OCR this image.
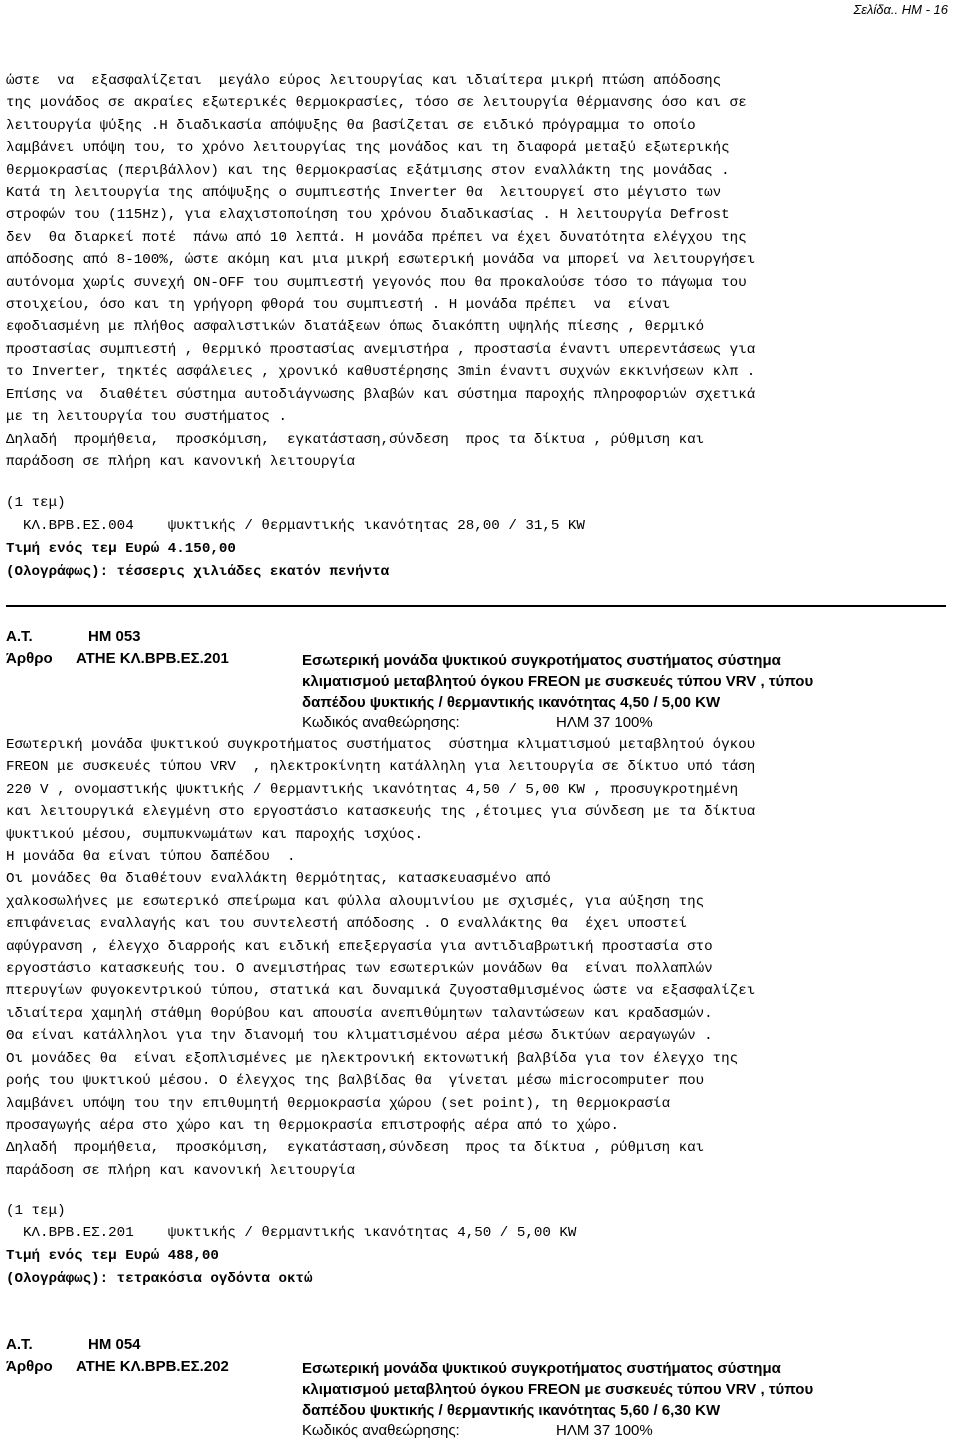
Σελίδα.. ΗΜ - 16
ώστε  να  εξασφαλίζεται  μεγάλο εύρος λειτουργίας και ιδιαίτερα μικρή πτώση απόδοσης
της μονάδος σε ακραίες εξωτερικές θερμοκρασίες, τόσο σε λειτουργία θέρμανσης όσο και σε
λειτουργία ψύξης .Η διαδικασία απόψυξης θα βασίζεται σε ειδικό πρόγραμμα το οποίο
λαμβάνει υπόψη του, το χρόνο λειτουργίας της μονάδος και τη διαφορά μεταξύ εξωτερικής
θερμοκρασίας (περιβάλλον) και της θερμοκρασίας εξάτμισης στον εναλλάκτη της μονάδας .
Κατά τη λειτουργία της απόψυξης ο συμπιεστής Inverter θα  λειτουργεί στο μέγιστο των
στροφών του (115Hz), για ελαχιστοποίηση του χρόνου διαδικασίας . Η λειτουργία Defrost
δεν  θα διαρκεί ποτέ  πάνω από 10 λεπτά. Η μονάδα πρέπει να έχει δυνατότητα ελέγχου της
απόδοσης από 8-100%, ώστε ακόμη και μια μικρή εσωτερική μονάδα να μπορεί να λειτουργήσει
αυτόνομα χωρίς συνεχή ON-OFF του συμπιεστή γεγονός που θα προκαλούσε τόσο το πάγωμα του
στοιχείου, όσο και τη γρήγορη φθορά του συμπιεστή . Η μονάδα πρέπει  να  είναι
εφοδιασμένη με πλήθος ασφαλιστικών διατάξεων όπως διακόπτη υψηλής πίεσης , θερμικό
προστασίας συμπιεστή , θερμικό προστασίας ανεμιστήρα , προστασία έναντι υπερεντάσεως για
το Inverter, τηκτές ασφάλειες , χρονικό καθυστέρησης 3min έναντι συχνών εκκινήσεων κλπ .
Επίσης να  διαθέτει σύστημα αυτοδιάγνωσης βλαβών και σύστημα παροχής πληροφοριών σχετικά
με τη λειτουργία του συστήματος .
Δηλαδή  προμήθεια,  προσκόμιση,  εγκατάσταση,σύνδεση  προς τα δίκτυα , ρύθμιση και
παράδοση σε πλήρη και κανονική λειτουργία
(1 τεμ)
ΚΛ.ΒΡΒ.ΕΣ.004    ψυκτικής / θερμαντικής ικανότητας 28,00 / 31,5 KW
Τιμή ενός τεμ Ευρώ 4.150,00
(Ολογράφως): τέσσερις χιλιάδες εκατόν πενήντα
Α.Τ.	ΗΜ 053
Άρθρο ΑΤΗΕ ΚΛ.ΒΡΒ.ΕΣ.201	Εσωτερική μονάδα ψυκτικού συγκροτήματος συστήματος σύστημα
κλιματισμού μεταβλητού όγκου FREON με συσκευές τύπου VRV , τύπου
δαπέδου ψυκτικής / θερμαντικής ικανότητας 4,50 / 5,00 KW
Κωδικός αναθεώρησης:	ΗΛΜ 37 100%
Εσωτερική μονάδα ψυκτικού συγκροτήματος συστήματος  σύστημα κλιματισμού μεταβλητού όγκου
FREON με συσκευές τύπου VRV  , ηλεκτροκίνητη κατάλληλη για λειτουργία σε δίκτυο υπό τάση
220 V , ονομαστικής ψυκτικής / θερμαντικής ικανότητας 4,50 / 5,00 KW , προσυγκροτημένη
και λειτουργικά ελεγμένη στο εργοστάσιο κατασκευής της ,έτοιμες για σύνδεση με τα δίκτυα
ψυκτικού μέσου, συμπυκνωμάτων και παροχής ισχύος.
Η μονάδα θα είναι τύπου δαπέδου  .
Οι μονάδες θα διαθέτουν εναλλάκτη θερμότητας, κατασκευασμένο από
χαλκοσωλήνες με εσωτερικό σπείρωμα και φύλλα αλουμινίου με σχισμές, για αύξηση της
επιφάνειας εναλλαγής και του συντελεστή απόδοσης . Ο εναλλάκτης θα  έχει υποστεί
αφύγρανση , έλεγχο διαρροής και ειδική επεξεργασία για αντιδιαβρωτική προστασία στο
εργοστάσιο κατασκευής του. Ο ανεμιστήρας των εσωτερικών μονάδων θα  είναι πολλαπλών
πτερυγίων φυγοκεντρικού τύπου, στατικά και δυναμικά ζυγοσταθμισμένος ώστε να εξασφαλίζει
ιδιαίτερα χαμηλή στάθμη θορύβου και απουσία ανεπιθύμητων ταλαντώσεων και κραδασμών.
Θα είναι κατάλληλοι για την διανομή του κλιματισμένου αέρα μέσω δικτύων αεραγωγών .
Οι μονάδες θα  είναι εξοπλισμένες με ηλεκτρονική εκτονωτική βαλβίδα για τον έλεγχο της
ροής του ψυκτικού μέσου. Ο έλεγχος της βαλβίδας θα  γίνεται μέσω microcomputer που
λαμβάνει υπόψη του την επιθυμητή θερμοκρασία χώρου (set point), τη θερμοκρασία
προσαγωγής αέρα στο χώρο και τη θερμοκρασία επιστροφής αέρα από το χώρο.
Δηλαδή  προμήθεια,  προσκόμιση,  εγκατάσταση,σύνδεση  προς τα δίκτυα , ρύθμιση και
παράδοση σε πλήρη και κανονική λειτουργία
(1 τεμ)
ΚΛ.ΒΡΒ.ΕΣ.201    ψυκτικής / θερμαντικής ικανότητας 4,50 / 5,00 KW
Τιμή ενός τεμ Ευρώ 488,00
(Ολογράφως): τετρακόσια ογδόντα οκτώ
Α.Τ.	ΗΜ 054
Άρθρο ΑΤΗΕ ΚΛ.ΒΡΒ.ΕΣ.202	Εσωτερική μονάδα ψυκτικού συγκροτήματος συστήματος σύστημα
κλιματισμού μεταβλητού όγκου FREON με συσκευές τύπου VRV , τύπου
δαπέδου ψυκτικής / θερμαντικής ικανότητας 5,60 / 6,30 KW
Κωδικός αναθεώρησης:	ΗΛΜ 37 100%
